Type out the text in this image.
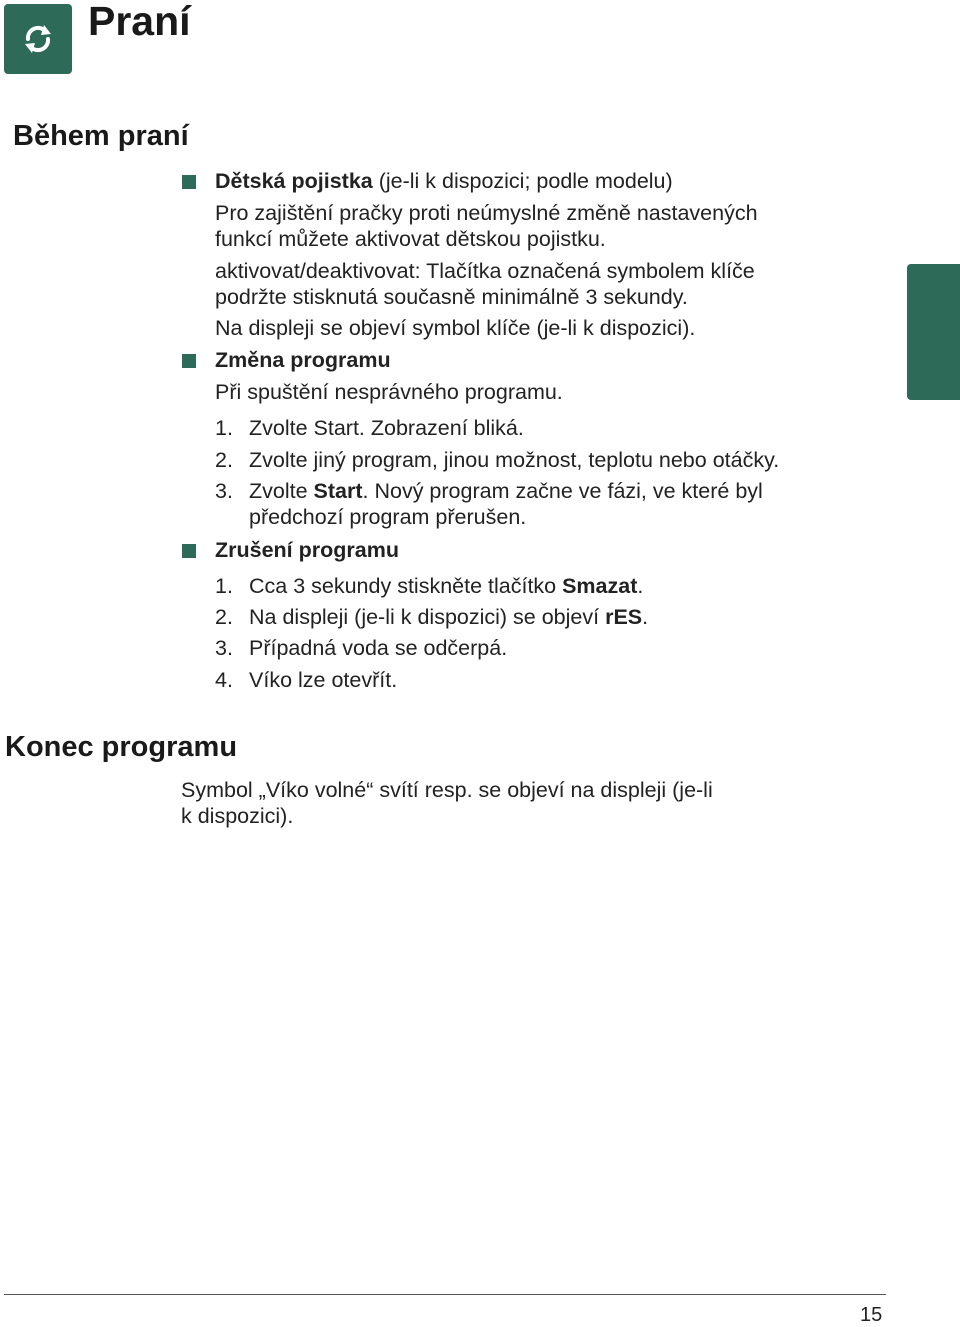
Praní
Během praní
Dětská pojistka (je-li k dispozici; podle modelu)
Pro zajištění pračky proti neúmyslné změně nastavených
funkcí můžete aktivovat dětskou pojistku.
aktivovat/deaktivovat: Tlačítka označená symbolem klíče
podržte stisknutá současně minimálně 3 sekundy.
Na displeji se objeví symbol klíče (je-li k dispozici).
Změna programu
Při spuštění nesprávného programu.
1. Zvolte Start. Zobrazení bliká.
2. Zvolte jiný program, jinou možnost, teplotu nebo otáčky.
3. Zvolte Start. Nový program začne ve fázi, ve které byl
předchozí program přerušen.
Zrušení programu
1. Cca 3 sekundy stiskněte tlačítko Smazat.
2. Na displeji (je-li k dispozici) se objeví rES.
3. Případná voda se odčerpá.
4. Víko lze otevřít.
Konec programu
Symbol „Víko volné“ svítí resp. se objeví na displeji (je-li
k dispozici).
15
